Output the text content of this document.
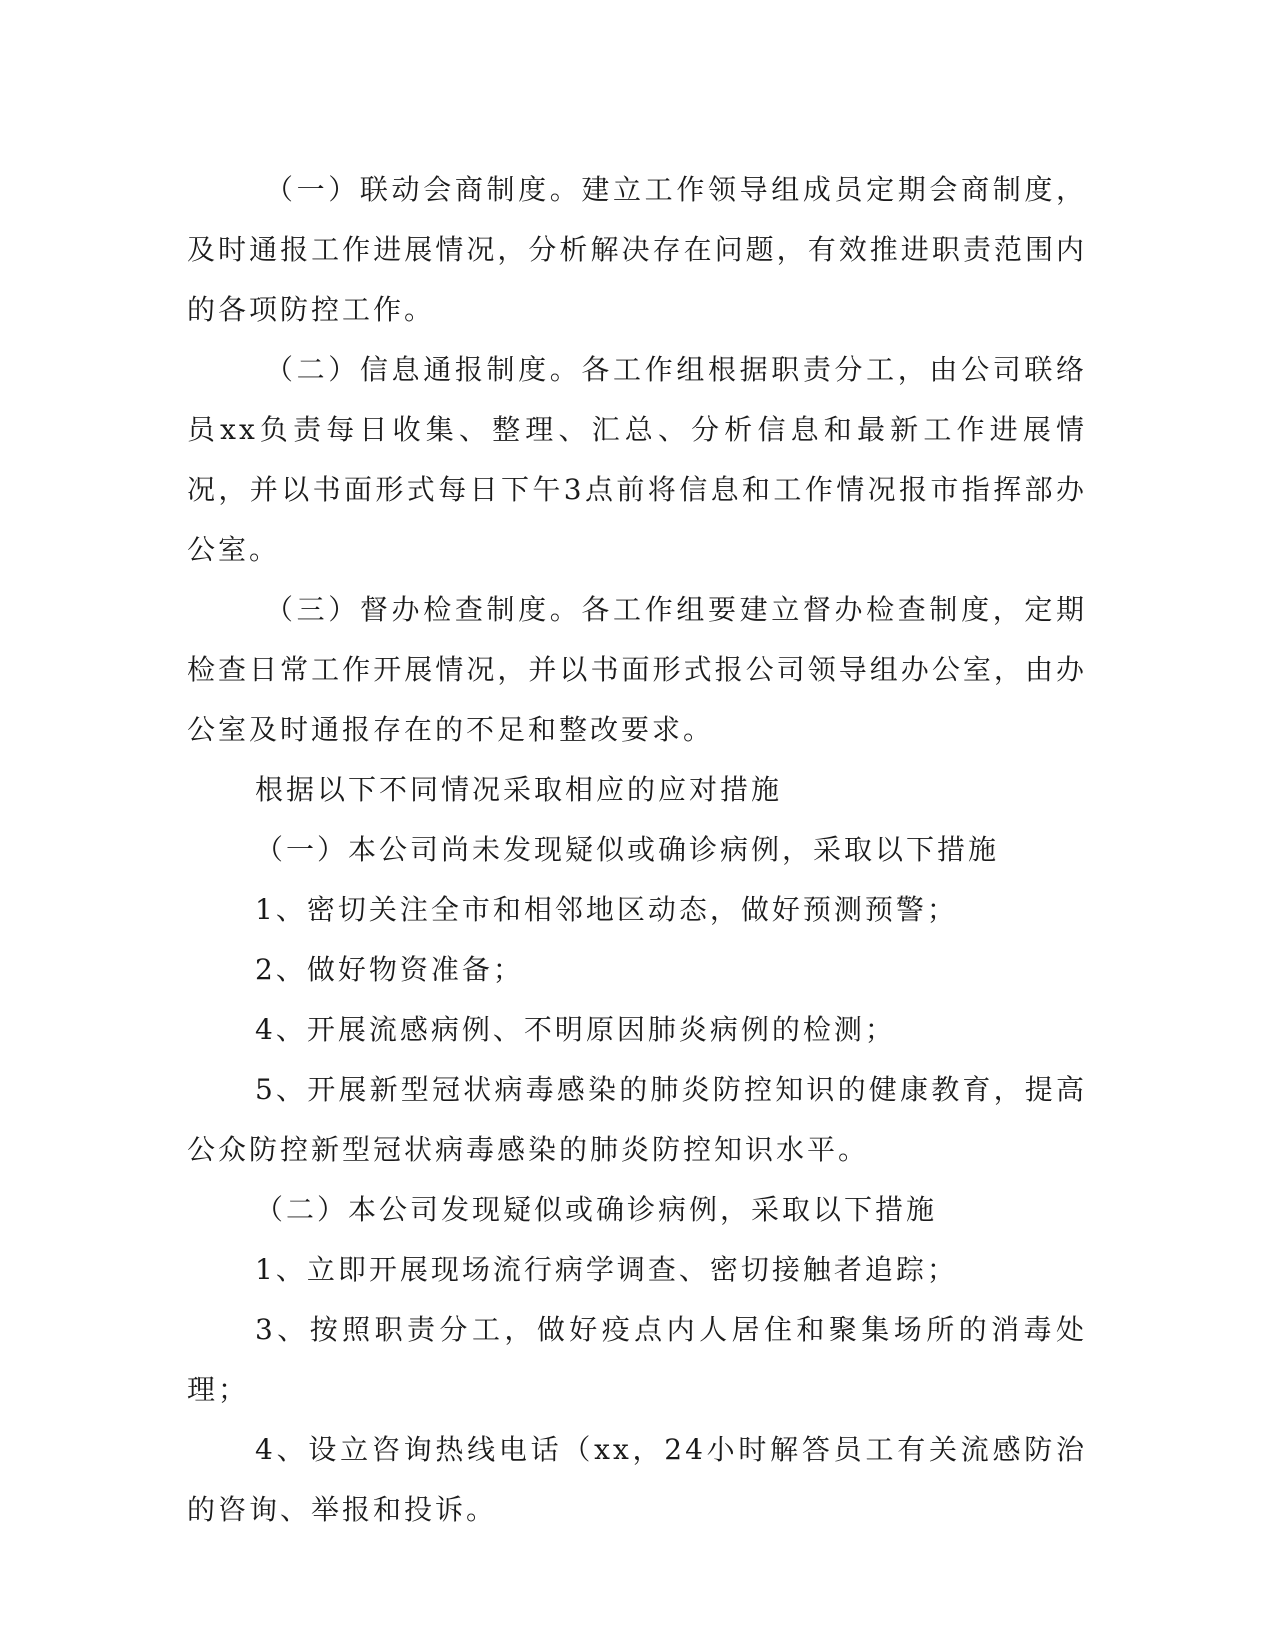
（一）联动会商制度。建立工作领导组成员定期会商制度，及时通报工作进展情况，分析解决存在问题，有效推进职责范围内的各项防控工作。

（二）信息通报制度。各工作组根据职责分工，由公司联络员xx负责每日收集、整理、汇总、分析信息和最新工作进展情况，并以书面形式每日下午3点前将信息和工作情况报市指挥部办公室。

（三）督办检查制度。各工作组要建立督办检查制度，定期检查日常工作开展情况，并以书面形式报公司领导组办公室，由办公室及时通报存在的不足和整改要求。

根据以下不同情况采取相应的应对措施

（一）本公司尚未发现疑似或确诊病例，采取以下措施

1、密切关注全市和相邻地区动态，做好预测预警；

2、做好物资准备；

4、开展流感病例、不明原因肺炎病例的检测；

5、开展新型冠状病毒感染的肺炎防控知识的健康教育，提高公众防控新型冠状病毒感染的肺炎防控知识水平。

（二）本公司发现疑似或确诊病例，采取以下措施

1、立即开展现场流行病学调查、密切接触者追踪；

3、按照职责分工，做好疫点内人居住和聚集场所的消毒处理；

4、设立咨询热线电话（xx，24小时解答员工有关流感防治的咨询、举报和投诉。
